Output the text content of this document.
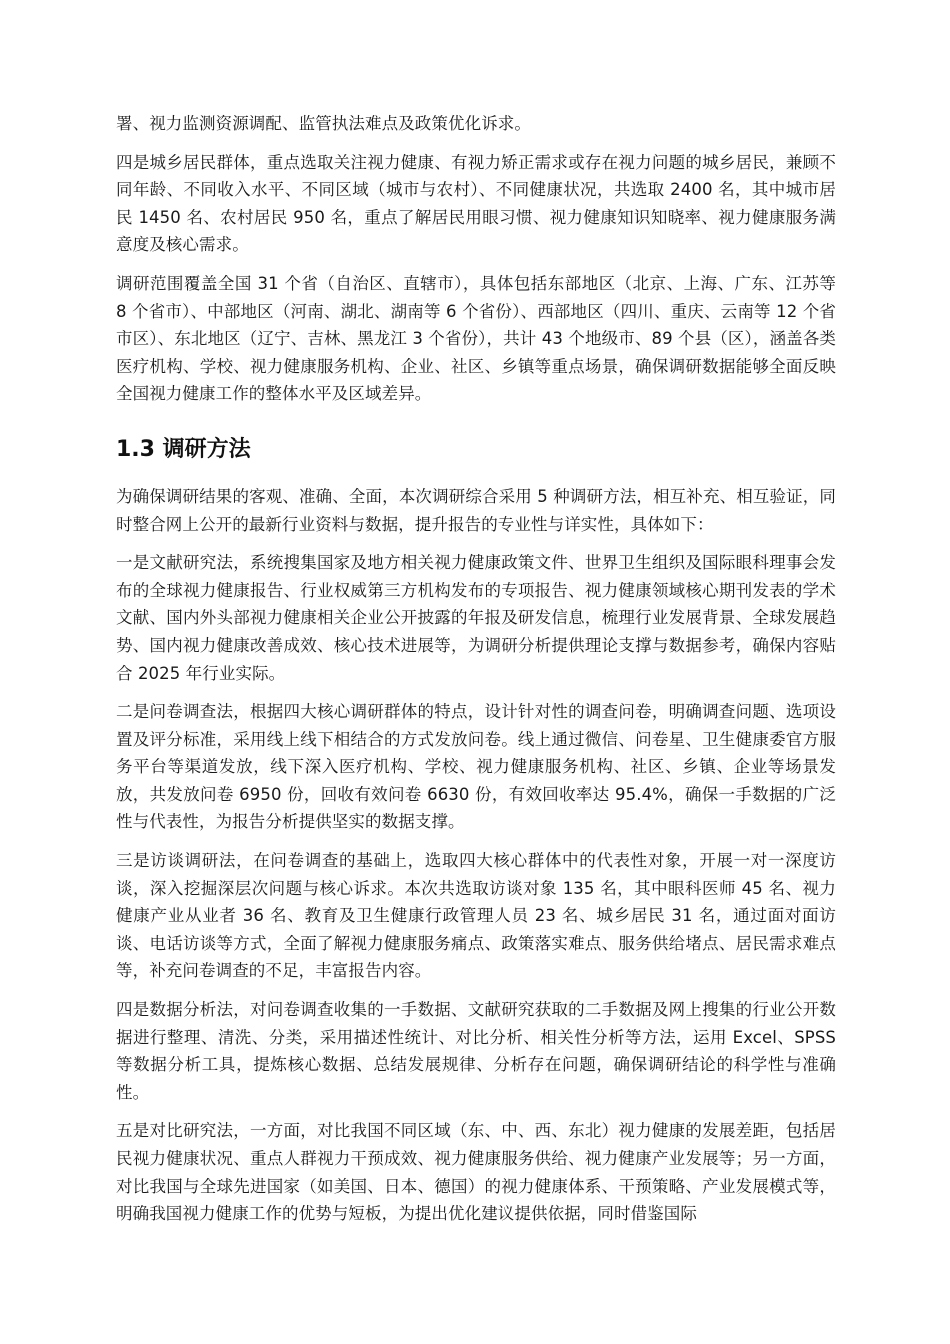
署、视力监测资源调配、监管执法难点及政策优化诉求。

四是城乡居民群体，重点选取关注视力健康、有视力矫正需求或存在视力问题的城乡居民，兼顾不同年龄、不同收入水平、不同区域（城市与农村）、不同健康状况，共选取 2400 名，其中城市居民 1450 名、农村居民 950 名，重点了解居民用眼习惯、视力健康知识知晓率、视力健康服务满意度及核心需求。

调研范围覆盖全国 31 个省（自治区、直辖市），具体包括东部地区（北京、上海、广东、江苏等 8 个省市）、中部地区（河南、湖北、湖南等 6 个省份）、西部地区（四川、重庆、云南等 12 个省市区）、东北地区（辽宁、吉林、黑龙江 3 个省份），共计 43 个地级市、89 个县（区），涵盖各类医疗机构、学校、视力健康服务机构、企业、社区、乡镇等重点场景，确保调研数据能够全面反映全国视力健康工作的整体水平及区域差异。

1.3 调研方法

为确保调研结果的客观、准确、全面，本次调研综合采用 5 种调研方法，相互补充、相互验证，同时整合网上公开的最新行业资料与数据，提升报告的专业性与详实性，具体如下：

一是文献研究法，系统搜集国家及地方相关视力健康政策文件、世界卫生组织及国际眼科理事会发布的全球视力健康报告、行业权威第三方机构发布的专项报告、视力健康领域核心期刊发表的学术文献、国内外头部视力健康相关企业公开披露的年报及研发信息，梳理行业发展背景、全球发展趋势、国内视力健康改善成效、核心技术进展等，为调研分析提供理论支撑与数据参考，确保内容贴合 2025 年行业实际。

二是问卷调查法，根据四大核心调研群体的特点，设计针对性的调查问卷，明确调查问题、选项设置及评分标准，采用线上线下相结合的方式发放问卷。线上通过微信、问卷星、卫生健康委官方服务平台等渠道发放，线下深入医疗机构、学校、视力健康服务机构、社区、乡镇、企业等场景发放，共发放问卷 6950 份，回收有效问卷 6630 份，有效回收率达 95.4%，确保一手数据的广泛性与代表性，为报告分析提供坚实的数据支撑。

三是访谈调研法，在问卷调查的基础上，选取四大核心群体中的代表性对象，开展一对一深度访谈，深入挖掘深层次问题与核心诉求。本次共选取访谈对象 135 名，其中眼科医师 45 名、视力健康产业从业者 36 名、教育及卫生健康行政管理人员 23 名、城乡居民 31 名，通过面对面访谈、电话访谈等方式，全面了解视力健康服务痛点、政策落实难点、服务供给堵点、居民需求难点等，补充问卷调查的不足，丰富报告内容。

四是数据分析法，对问卷调查收集的一手数据、文献研究获取的二手数据及网上搜集的行业公开数据进行整理、清洗、分类，采用描述性统计、对比分析、相关性分析等方法，运用 Excel、SPSS 等数据分析工具，提炼核心数据、总结发展规律、分析存在问题，确保调研结论的科学性与准确性。

五是对比研究法，一方面，对比我国不同区域（东、中、西、东北）视力健康的发展差距，包括居民视力健康状况、重点人群视力干预成效、视力健康服务供给、视力健康产业发展等；另一方面，对比我国与全球先进国家（如美国、日本、德国）的视力健康体系、干预策略、产业发展模式等，明确我国视力健康工作的优势与短板，为提出优化建议提供依据，同时借鉴国际
